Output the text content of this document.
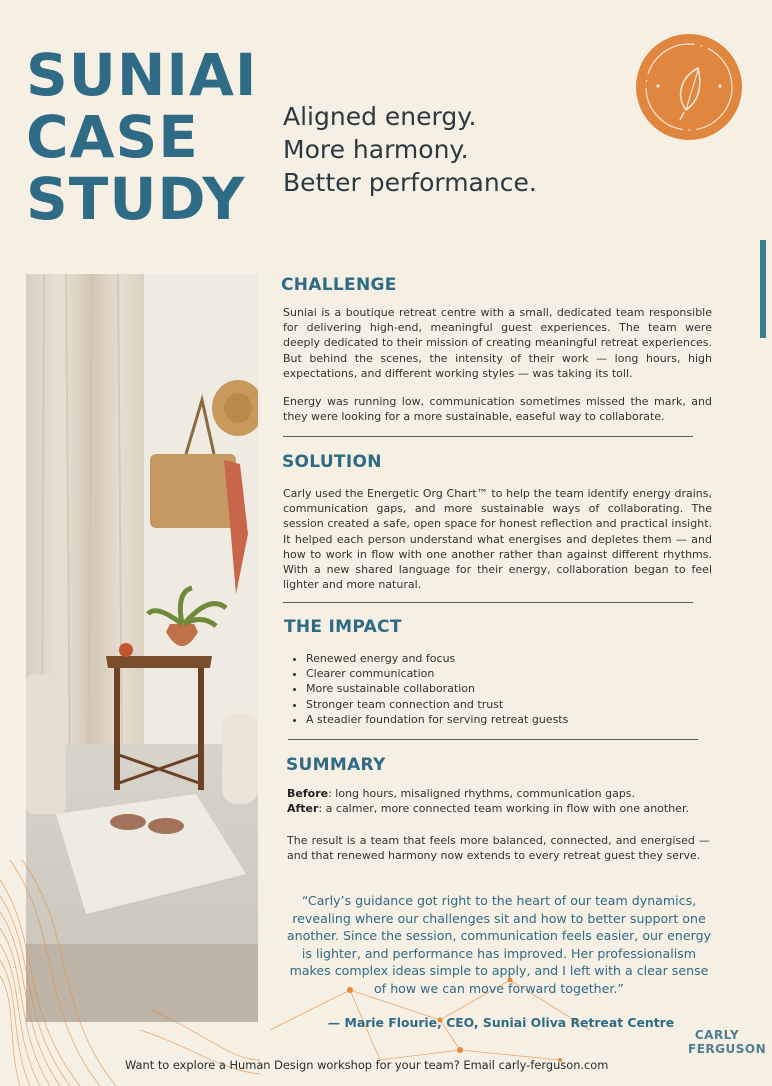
SUNIAI
CASE
STUDY
Aligned energy.
More harmony.
Better performance.
CHALLENGE

Suniai is a boutique retreat centre with a small, dedicated team responsible for delivering high-end, meaningful guest experiences. The team were deeply dedicated to their mission of creating meaningful retreat experiences. But behind the scenes, the intensity of their work — long hours, high expectations, and different working styles — was taking its toll.

Energy was running low, communication sometimes missed the mark, and they were looking for a more sustainable, easeful way to collaborate.

SOLUTION

Carly used the Energetic Org Chart™ to help the team identify energy drains, communication gaps, and more sustainable ways of collaborating. The session created a safe, open space for honest reflection and practical insight. It helped each person understand what energises and depletes them — and how to work in flow with one another rather than against different rhythms. With a new shared language for their energy, collaboration began to feel lighter and more natural.

THE IMPACT
• Renewed energy and focus
• Clearer communication
• More sustainable collaboration
• Stronger team connection and trust
• A steadier foundation for serving retreat guests
SUMMARY
Before: long hours, misaligned rhythms, communication gaps.
After: a calmer, more connected team working in flow with one another.

The result is a team that feels more balanced, connected, and energised — and that renewed harmony now extends to every retreat guest they serve.

“Carly’s guidance got right to the heart of our team dynamics, revealing where our challenges sit and how to better support one another. Since the session, communication feels easier, our energy is lighter, and performance has improved. Her professionalism makes complex ideas simple to apply, and I left with a clear sense of how we can move forward together.”

— Marie Flourie, CEO, Suniai Oliva Retreat Centre
CARLY
FERGUSON
Want to explore a Human Design workshop for your team? Email carly-ferguson.com
